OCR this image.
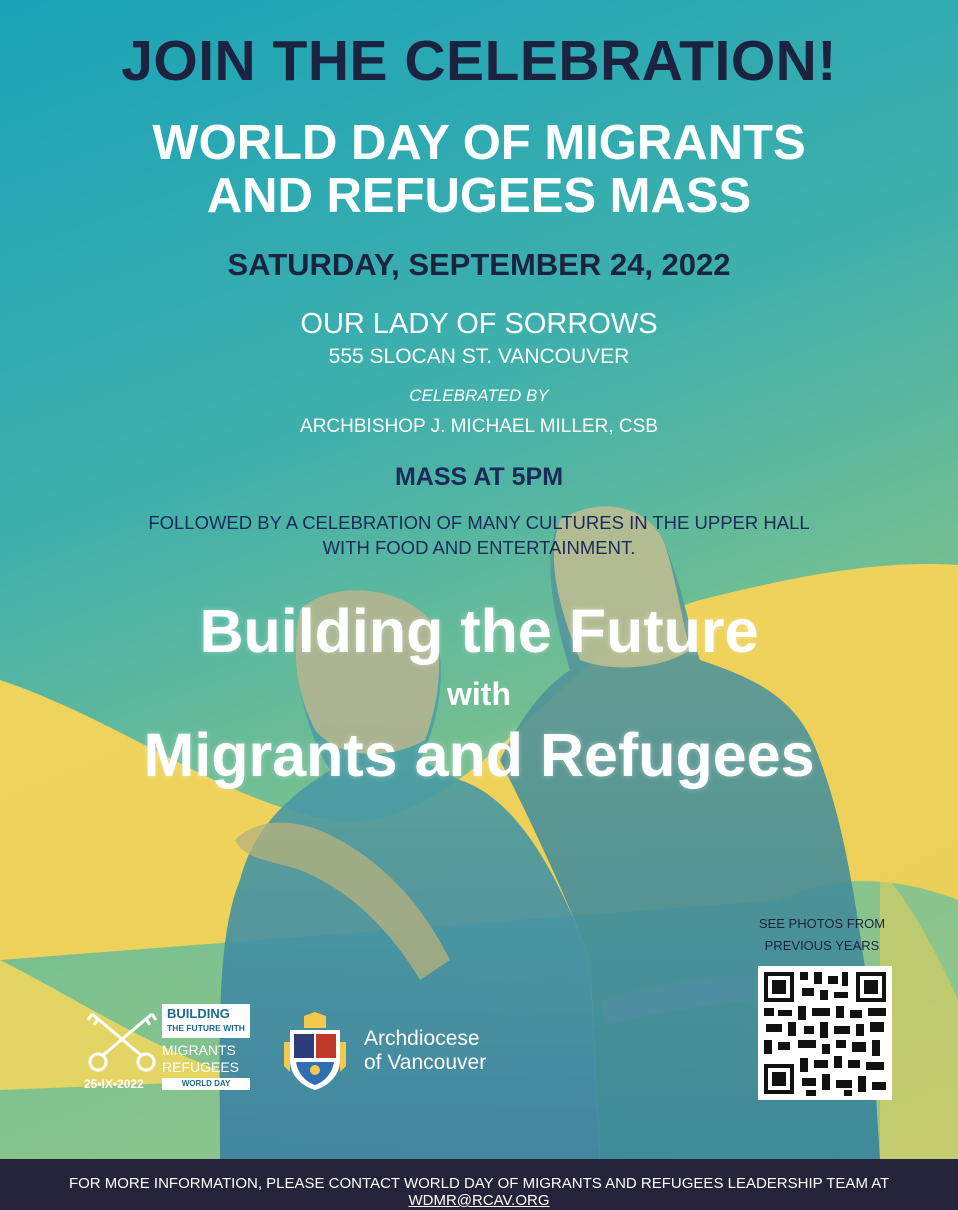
JOIN THE CELEBRATION!
WORLD DAY OF MIGRANTS
AND REFUGEES MASS
SATURDAY, SEPTEMBER 24, 2022
OUR LADY OF SORROWS
555 SLOCAN ST. VANCOUVER
CELEBRATED BY
ARCHBISHOP J. MICHAEL MILLER, CSB
MASS AT 5PM
FOLLOWED BY A CELEBRATION OF MANY CULTURES IN THE UPPER HALL
WITH FOOD AND ENTERTAINMENT.
Building the Future
with
Migrants and Refugees
SEE PHOTOS FROM
PREVIOUS YEARS
BUILDING
THE FUTURE WITH
MIGRANTS
REFUGEES
WORLD DAY
25•IX•2022
Archdiocese
of Vancouver
FOR MORE INFORMATION, PLEASE CONTACT WORLD DAY OF MIGRANTS AND REFUGEES LEADERSHIP TEAM AT WDMR@RCAV.ORG
